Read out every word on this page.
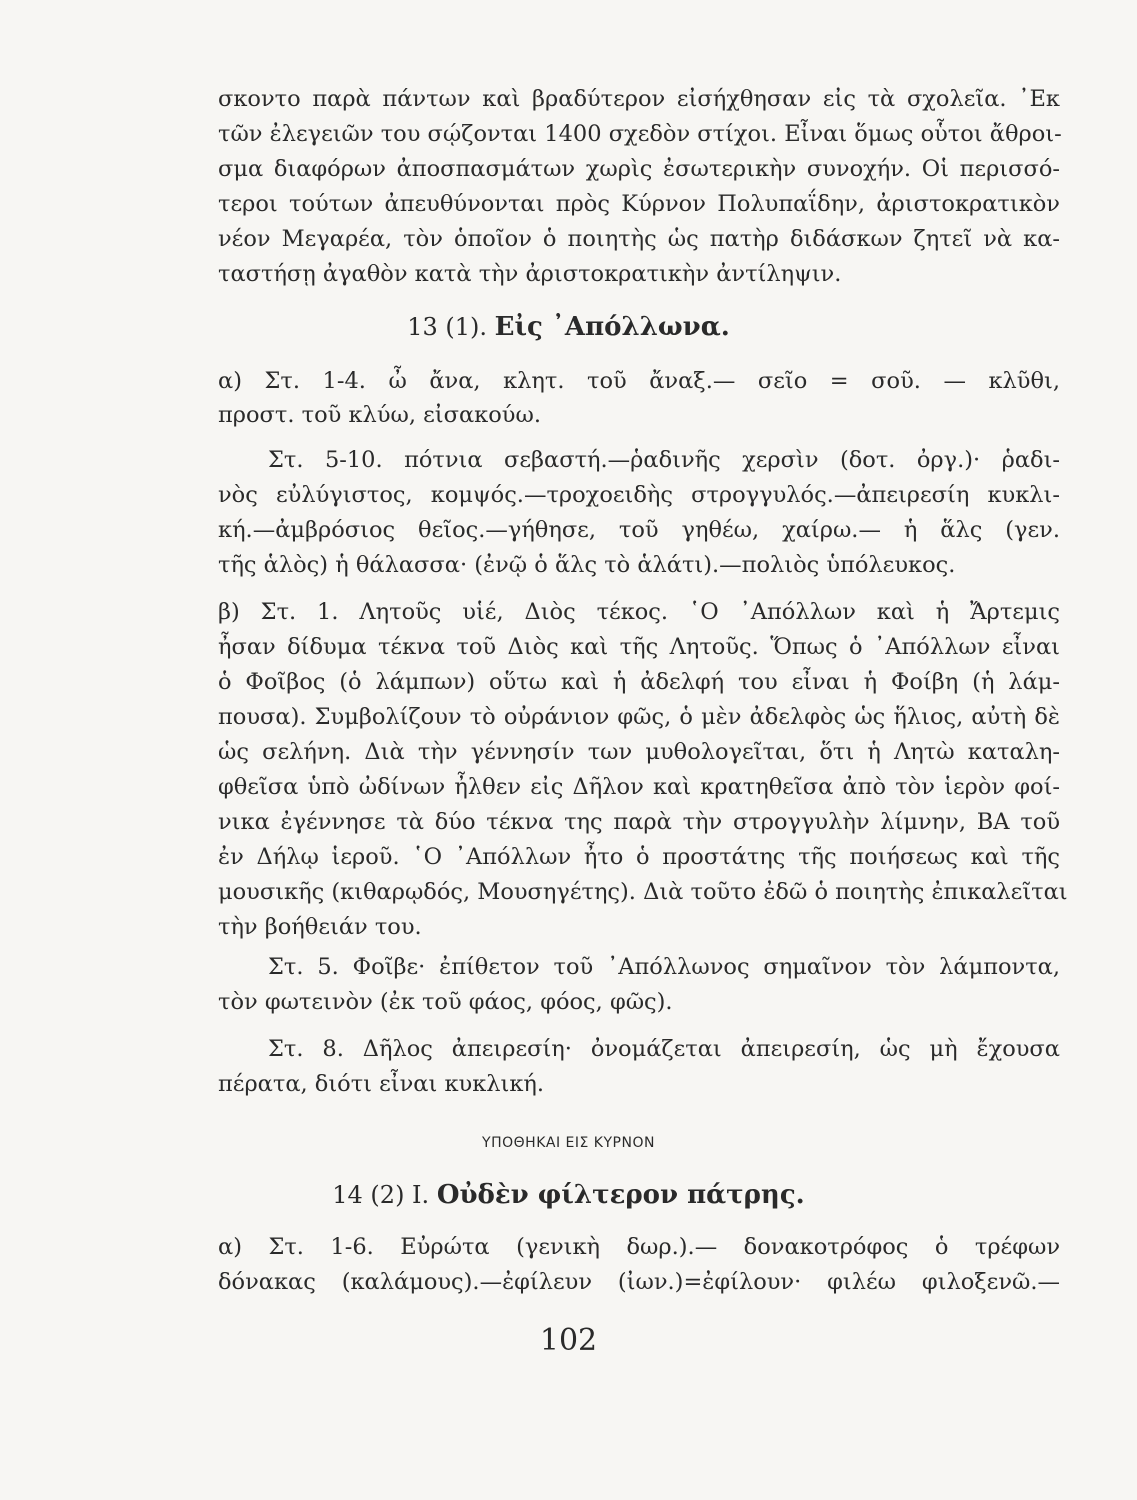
σκοντο παρὰ πάντων καὶ βραδύτερον εἰσήχθησαν εἰς τὰ σχολεῖα. ᾿Εκ
τῶν ἐλεγειῶν του σῴζονται 1400 σχεδὸν στίχοι. Εἶναι ὅμως οὗτοι ἄθροι-
σμα διαφόρων ἀποσπασμάτων χωρὶς ἐσωτερικὴν συνοχήν. Οἱ περισσό-
τεροι τούτων ἀπευθύνονται πρὸς Κύρνον Πολυπαΐδην, ἀριστοκρατικὸν
νέον Μεγαρέα, τὸν ὁποῖον ὁ ποιητὴς ὡς πατὴρ διδάσκων ζητεῖ νὰ κα-
ταστήσῃ ἀγαθὸν κατὰ τὴν ἀριστοκρατικὴν ἀντίληψιν.
13 (1). Εἰς ᾿Απόλλωνα.
α) Στ. 1-4. ὦ ἄνα, κλητ. τοῦ ἄναξ.— σεῖο = σοῦ. — κλῦθι,
προστ. τοῦ κλύω, εἰσακούω.
Στ. 5-10. πότνια σεβαστή.—ῥαδινῆς χερσὶν (δοτ. ὀργ.)· ῥαδι-
νὸς εὐλύγιστος, κομψός.—τροχοειδὴς στρογγυλός.—ἀπειρεσίη κυκλι-
κή.—ἀμβρόσιος θεῖος.—γήθησε, τοῦ γηθέω, χαίρω.— ἡ ἅλς (γεν.
τῆς ἁλὸς) ἡ θάλασσα· (ἐνῷ ὁ ἅλς τὸ ἁλάτι).—πολιὸς ὑπόλευκος.
β) Στ. 1. Λητοῦς υἱέ, Διὸς τέκος. ῾Ο ᾿Απόλλων καὶ ἡ Ἄρτεμις
ἦσαν δίδυμα τέκνα τοῦ Διὸς καὶ τῆς Λητοῦς. Ὅπως ὁ ᾿Απόλλων εἶναι
ὁ Φοῖβος (ὁ λάμπων) οὕτω καὶ ἡ ἀδελφή του εἶναι ἡ Φοίβη (ἡ λάμ-
πουσα). Συμβολίζουν τὸ οὐράνιον φῶς, ὁ μὲν ἀδελφὸς ὡς ἥλιος, αὐτὴ δὲ
ὡς σελήνη. Διὰ τὴν γέννησίν των μυθολογεῖται, ὅτι ἡ Λητὼ καταλη-
φθεῖσα ὑπὸ ὠδίνων ἦλθεν εἰς Δῆλον καὶ κρατηθεῖσα ἀπὸ τὸν ἱερὸν φοί-
νικα ἐγέννησε τὰ δύο τέκνα της παρὰ τὴν στρογγυλὴν λίμνην, ΒΑ τοῦ
ἐν Δήλῳ ἱεροῦ. ῾Ο ᾿Απόλλων ἦτο ὁ προστάτης τῆς ποιήσεως καὶ τῆς
μουσικῆς (κιθαρῳδός, Μουσηγέτης). Διὰ τοῦτο ἐδῶ ὁ ποιητὴς ἐπικαλεῖται
τὴν βοήθειάν του.
Στ. 5. Φοῖβε· ἐπίθετον τοῦ ᾿Απόλλωνος σημαῖνον τὸν λάμποντα,
τὸν φωτεινὸν (ἐκ τοῦ φάος, φόος, φῶς).
Στ. 8. Δῆλος ἀπειρεσίη· ὀνομάζεται ἀπειρεσίη, ὡς μὴ ἔχουσα
πέρατα, διότι εἶναι κυκλική.
ΥΠΟΘΗΚΑΙ ΕΙΣ ΚΥΡΝΟΝ
14 (2) I. Οὐδὲν φίλτερον πάτρης.
α) Στ. 1-6. Εὐρώτα (γενικὴ δωρ.).— δονακοτρόφος ὁ τρέφων
δόνακας (καλάμους).—ἐφίλευν (ἰων.)=ἐφίλουν· φιλέω φιλοξενῶ.—
102
